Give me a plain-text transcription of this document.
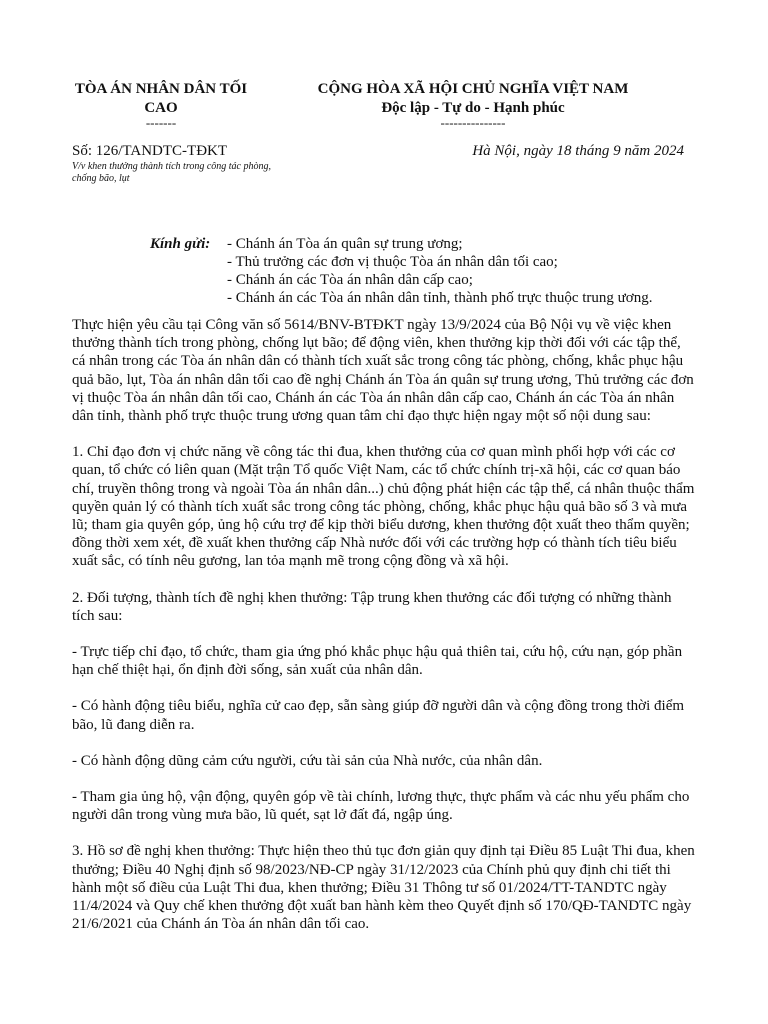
TÒA ÁN NHÂN DÂN TỐI
CAO
-------
CỘNG HÒA XÃ HỘI CHỦ NGHĨA VIỆT NAM
Độc lập - Tự do - Hạnh phúc
---------------
Số: 126/TANDTC-TĐKT
V/v khen thưởng thành tích trong công tác phòng, chống bão, lụt
Hà Nội, ngày 18 tháng 9 năm 2024
Kính gửi: - Chánh án Tòa án quân sự trung ương;
- Thủ trưởng các đơn vị thuộc Tòa án nhân dân tối cao;
- Chánh án các Tòa án nhân dân cấp cao;
- Chánh án các Tòa án nhân dân tỉnh, thành phố trực thuộc trung ương.

Thực hiện yêu cầu tại Công văn số 5614/BNV-BTĐKT ngày 13/9/2024 của Bộ Nội vụ về việc khen thưởng thành tích trong phòng, chống lụt bão; để động viên, khen thưởng kịp thời đối với các tập thể, cá nhân trong các Tòa án nhân dân có thành tích xuất sắc trong công tác phòng, chống, khắc phục hậu quả bão, lụt, Tòa án nhân dân tối cao đề nghị Chánh án Tòa án quân sự trung ương, Thủ trưởng các đơn vị thuộc Tòa án nhân dân tối cao, Chánh án các Tòa án nhân dân cấp cao, Chánh án các Tòa án nhân dân tỉnh, thành phố trực thuộc trung ương quan tâm chỉ đạo thực hiện ngay một số nội dung sau:

1. Chỉ đạo đơn vị chức năng về công tác thi đua, khen thưởng của cơ quan mình phối hợp với các cơ quan, tổ chức có liên quan (Mặt trận Tổ quốc Việt Nam, các tổ chức chính trị-xã hội, các cơ quan báo chí, truyền thông trong và ngoài Tòa án nhân dân...) chủ động phát hiện các tập thể, cá nhân thuộc thẩm quyền quản lý có thành tích xuất sắc trong công tác phòng, chống, khắc phục hậu quả bão số 3 và mưa lũ; tham gia quyên góp, ủng hộ cứu trợ để kịp thời biểu dương, khen thưởng đột xuất theo thẩm quyền; đồng thời xem xét, đề xuất khen thưởng cấp Nhà nước đối với các trường hợp có thành tích tiêu biểu xuất sắc, có tính nêu gương, lan tỏa mạnh mẽ trong cộng đồng và xã hội.

2. Đối tượng, thành tích đề nghị khen thưởng: Tập trung khen thưởng các đối tượng có những thành tích sau:

- Trực tiếp chỉ đạo, tổ chức, tham gia ứng phó khắc phục hậu quả thiên tai, cứu hộ, cứu nạn, góp phần hạn chế thiệt hại, ổn định đời sống, sản xuất của nhân dân.

- Có hành động tiêu biểu, nghĩa cử cao đẹp, sẵn sàng giúp đỡ người dân và cộng đồng trong thời điểm bão, lũ đang diễn ra.

- Có hành động dũng cảm cứu người, cứu tài sản của Nhà nước, của nhân dân.

- Tham gia ủng hộ, vận động, quyên góp về tài chính, lương thực, thực phẩm và các nhu yếu phẩm cho người dân trong vùng mưa bão, lũ quét, sạt lở đất đá, ngập úng.

3. Hồ sơ đề nghị khen thưởng: Thực hiện theo thủ tục đơn giản quy định tại Điều 85 Luật Thi đua, khen thưởng; Điều 40 Nghị định số 98/2023/NĐ-CP ngày 31/12/2023 của Chính phủ quy định chi tiết thi hành một số điều của Luật Thi đua, khen thưởng; Điều 31 Thông tư số 01/2024/TT-TANDTC ngày 11/4/2024 và Quy chế khen thưởng đột xuất ban hành kèm theo Quyết định số 170/QĐ-TANDTC ngày 21/6/2021 của Chánh án Tòa án nhân dân tối cao.
